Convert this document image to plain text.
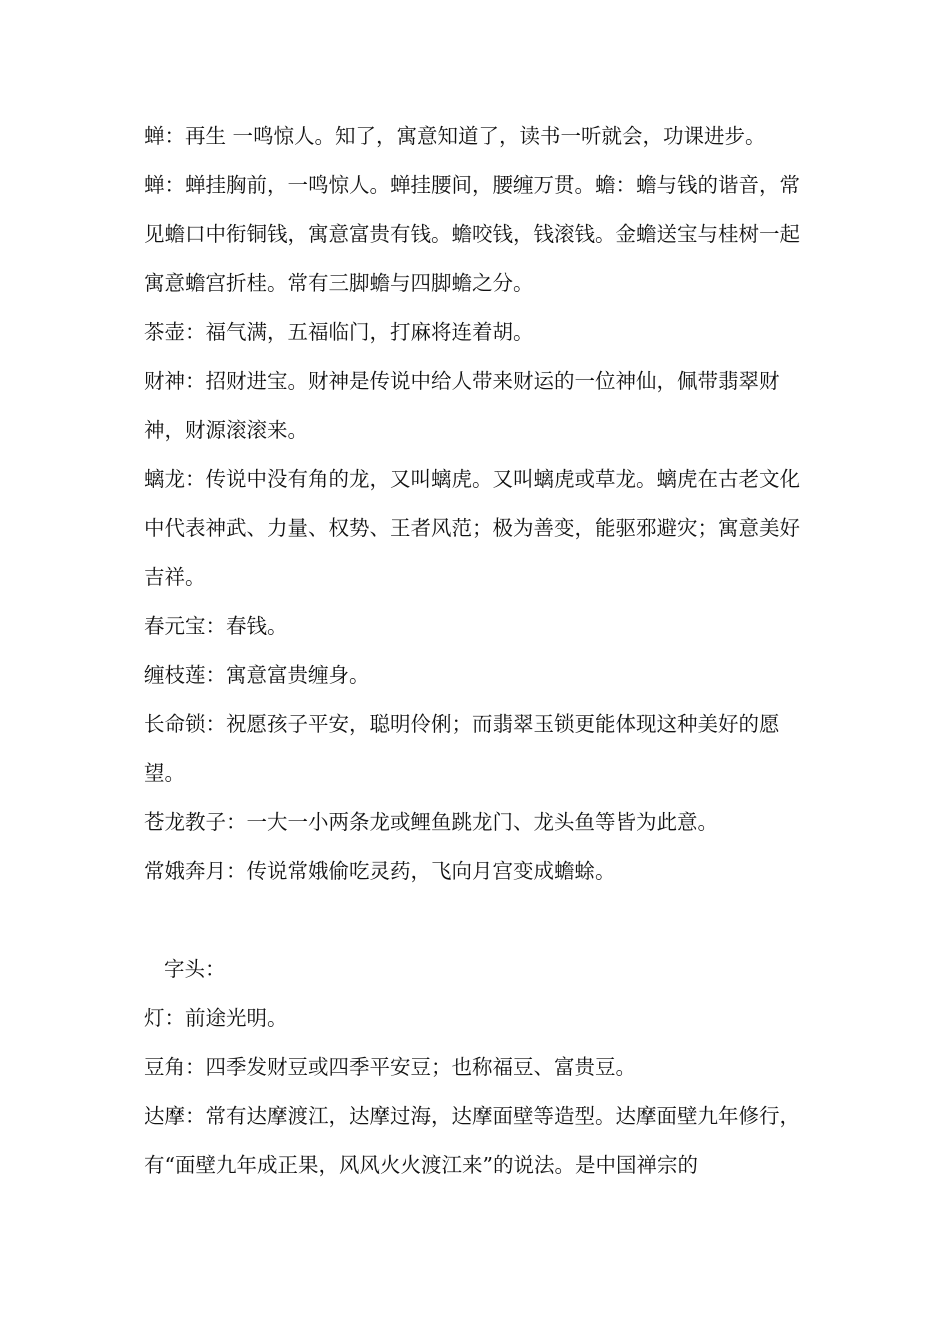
蝉：再生 一鸣惊人。知了，寓意知道了，读书一听就会，功课进步。

蝉：蝉挂胸前，一鸣惊人。蝉挂腰间，腰缠万贯。蟾：蟾与钱的谐音，常见蟾口中衔铜钱，寓意富贵有钱。蟾咬钱，钱滚钱。金蟾送宝与桂树一起寓意蟾宫折桂。常有三脚蟾与四脚蟾之分。

茶壶：福气满，五福临门，打麻将连着胡。

财神：招财进宝。财神是传说中给人带来财运的一位神仙，佩带翡翠财神，财源滚滚来。

螭龙：传说中没有角的龙，又叫螭虎。又叫螭虎或草龙。螭虎在古老文化中代表神武、力量、权势、王者风范；极为善变，能驱邪避灾；寓意美好 吉祥。

春元宝：春钱。

缠枝莲：寓意富贵缠身。

长命锁：祝愿孩子平安，聪明伶俐；而翡翠玉锁更能体现这种美好的愿望。

苍龙教子：一大一小两条龙或鲤鱼跳龙门、龙头鱼等皆为此意。

常娥奔月：传说常娥偷吃灵药，飞向月宫变成蟾蜍。

字头：

灯：前途光明。

豆角：四季发财豆或四季平安豆；也称福豆、富贵豆。

达摩：常有达摩渡江，达摩过海，达摩面壁等造型。达摩面壁九年修行，有“面壁九年成正果，风风火火渡江来”的说法。是中国禅宗的
